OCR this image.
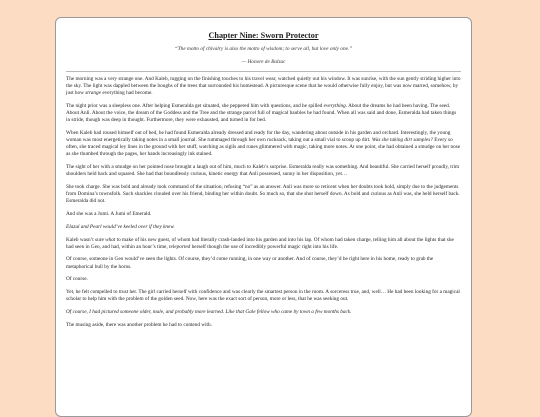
Chapter Nine: Sworn Protector

“The motto of chivalry is also the motto of wisdom; to serve all, but love only one.”

— Honore de Balzac

The morning was a very strange one. And Kaleb, tugging on the finishing touches to his travel wear, watched quietly out his window. It was sunrise, with the sun gently striding higher into the sky. The light was dappled between the boughs of the trees that surrounded his homestead. A picturesque scene that he would otherwise fully enjoy, but was now marred, somehow, by just how strange everything had become.

The night prior was a sleepless one. After helping Esmeralda get situated, she peppered him with questions, and he spilled everything. About the dreams he had been having. The seed. About Anli. About the voice, the dream of the Goddess and the Tree and the strange parcel full of magical baubles he had found. When all was said and done, Esmeralda had taken things in stride, though was deep in thought. Furthermore, they were exhausted, and turned in for bed.

When Kaleb had roused himself out of bed, he had found Esmeralda already dressed and ready for the day, wandering about outside in his garden and orchard. Interestingly, the young woman was most energetically taking notes in a small journal. She rummaged through her own rucksack, taking out a small vial to scoop up dirt. Was she taking dirt samples? Every so often, she traced magical ley lines in the ground with her stuff, watching as sigils and runes glimmered with magic, taking more notes. At one point, she had obtained a smudge on her nose as she thumbed through the pages, her hands increasingly ink stained.

The sight of her with a smudge on her pointed nose brought a laugh out of him, much to Kaleb’s surprise. Esmeralda really was something. And beautiful. She carried herself proudly, trim shoulders held back and squared. She had that boundlessly curious, kinetic energy that Anli possessed, sunny in her disposition, yet…

She took charge. She was bold and already took command of the situation, refusing “no” as an answer. Anli was more so reticent when her doubts took hold, simply due to the judgements from Domina’s townsfolk. Such shackles clouded over his friend, binding her within doubt. So much so, that she shut herself down. As bold and curious as Anli was, she held herself back. Esmeralda did not.

And she was a Jumi. A Jumi of Emerald.

Elazul and Pearl would’ve keeled over if they knew.

Kaleb wasn’t sure what to make of his new guest, of whom had literally crash-landed into his garden and into his lap. Of whom had taken charge, telling him all about the lights that she had seen in Geo, and had, within an hour’s time, teleported herself though the use of incredibly powerful magic right into his life.

Of course, someone in Geo would’ve seen the lights. Of course, they’d come running, in one way or another. And of course, they’d be right here in his home, ready to grab the metaphorical bull by the horns.

Of course.

Yet, he felt compelled to trust her. The girl carried herself with confidence and was clearly the smartest person in the room. A sorceress true, and, well… He had been looking for a magical scholar to help him with the problem of the golden seed. Now, here was the exact sort of person, more or less, that he was seeking out.

Of course, I had pictured someone older, male, and probably more learned. Like that Gale fellow who came by town a few months back.

The musing aside, there was another problem he had to contend with.
